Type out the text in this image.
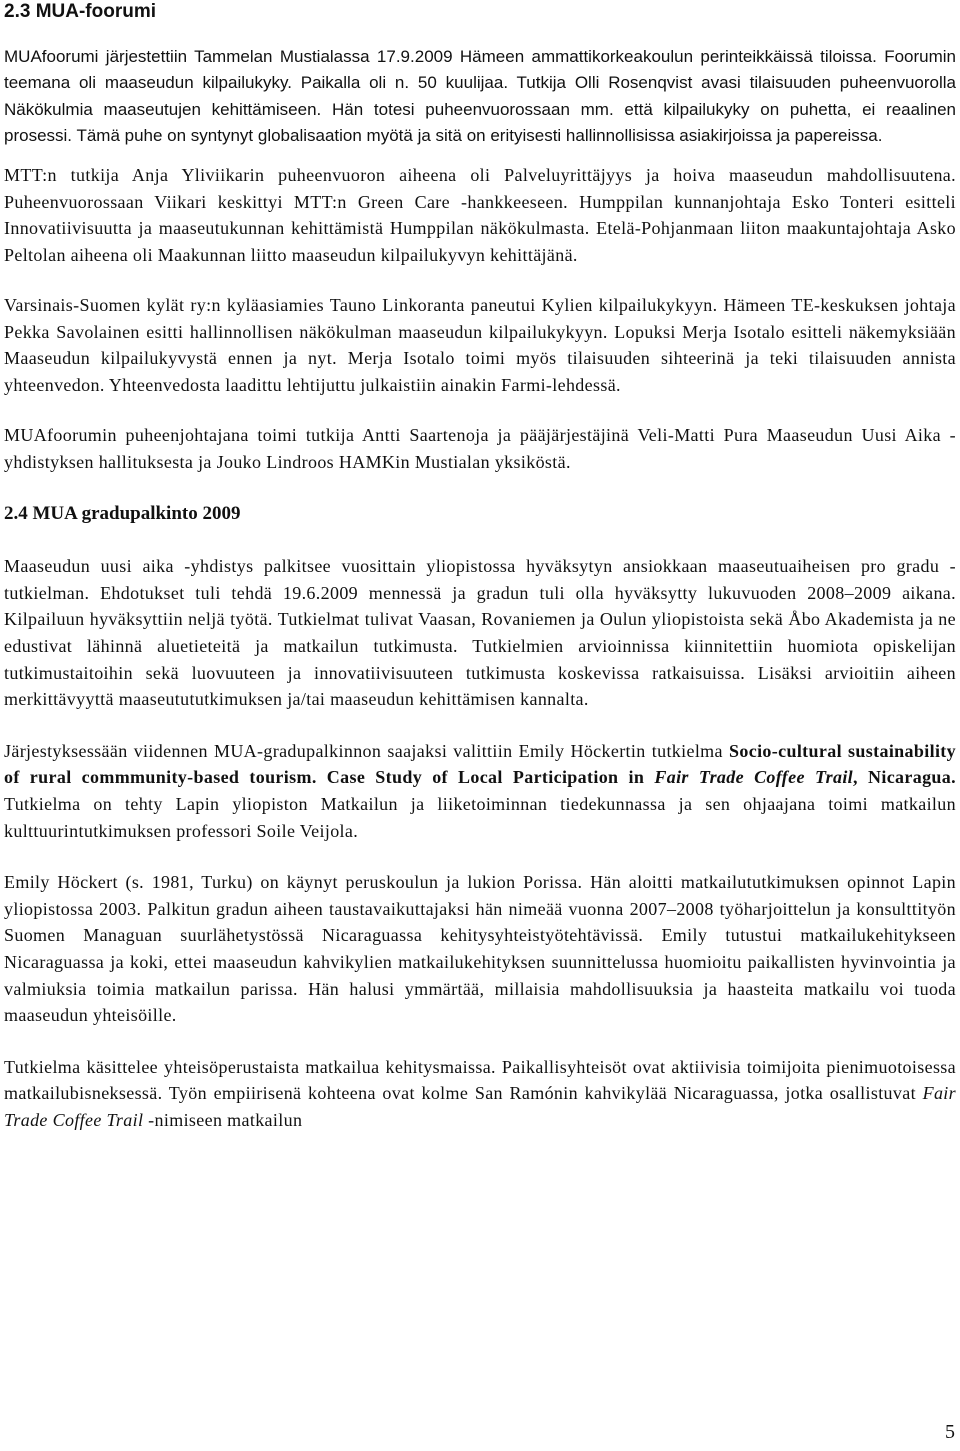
2.3 MUA-foorumi

MUAfoorumi järjestettiin Tammelan Mustialassa 17.9.2009 Hämeen ammattikorkeakoulun perinteikkäissä tiloissa. Foorumin teemana oli maaseudun kilpailukyky. Paikalla oli n. 50 kuulijaa. Tutkija Olli Rosenqvist avasi tilaisuuden puheenvuorolla Näkökulmia maaseutujen kehittämiseen. Hän totesi puheenvuorossaan mm. että kilpailukyky on puhetta, ei reaalinen prosessi. Tämä puhe on syntynyt globalisaation myötä ja sitä on erityisesti hallinnollisissa asiakirjoissa ja papereissa.

MTT:n tutkija Anja Yliviikarin puheenvuoron aiheena oli Palveluyrittäjyys ja hoiva maaseudun mahdollisuutena. Puheenvuorossaan Viikari keskittyi MTT:n Green Care -hankkeeseen. Humppilan kunnanjohtaja Esko Tonteri esitteli Innovatiivisuutta ja maaseutukunnan kehittämistä Humppilan näkökulmasta. Etelä-Pohjanmaan liiton maakuntajohtaja Asko Peltolan aiheena oli Maakunnan liitto maaseudun kilpailukyvyn kehittäjänä.

Varsinais-Suomen kylät ry:n kyläasiamies Tauno Linkoranta paneutui Kylien kilpailukykyyn. Hämeen TE-keskuksen johtaja Pekka Savolainen esitti hallinnollisen näkökulman maaseudun kilpailukykyyn. Lopuksi Merja Isotalo esitteli näkemyksiään Maaseudun kilpailukyvystä ennen ja nyt. Merja Isotalo toimi myös tilaisuuden sihteerinä ja teki tilaisuuden annista yhteenvedon. Yhteenvedosta laadittu lehtijuttu julkaistiin ainakin Farmi-lehdessä.

MUAfoorumin puheenjohtajana toimi tutkija Antti Saartenoja ja pääjärjestäjinä Veli-Matti Pura Maaseudun Uusi Aika -yhdistyksen hallituksesta ja Jouko Lindroos HAMKin Mustialan yksiköstä.

2.4 MUA gradupalkinto 2009

Maaseudun uusi aika -yhdistys palkitsee vuosittain yliopistossa hyväksytyn ansiokkaan maaseutuaiheisen pro gradu -tutkielman. Ehdotukset tuli tehdä 19.6.2009 mennessä ja gradun tuli olla hyväksytty lukuvuoden 2008–2009 aikana. Kilpailuun hyväksyttiin neljä työtä. Tutkielmat tulivat Vaasan, Rovaniemen ja Oulun yliopistoista sekä Åbo Akademista ja ne edustivat lähinnä aluetieteitä ja matkailun tutkimusta. Tutkielmien arvioinnissa kiinnitettiin huomiota opiskelijan tutkimustaitoihin sekä luovuuteen ja innovatiivisuuteen tutkimusta koskevissa ratkaisuissa. Lisäksi arvioitiin aiheen merkittävyyttä maaseutututkimuksen ja/tai maaseudun kehittämisen kannalta.

Järjestyksessään viidennen MUA-gradupalkinnon saajaksi valittiin Emily Höckertin tutkielma Socio-cultural sustainability of rural commmunity-based tourism. Case Study of Local Participation in Fair Trade Coffee Trail, Nicaragua. Tutkielma on tehty Lapin yliopiston Matkailun ja liiketoiminnan tiedekunnassa ja sen ohjaajana toimi matkailun kulttuurintutkimuksen professori Soile Veijola.

Emily Höckert (s. 1981, Turku) on käynyt peruskoulun ja lukion Porissa. Hän aloitti matkailututkimuksen opinnot Lapin yliopistossa 2003. Palkitun gradun aiheen taustavaikuttajaksi hän nimeää vuonna 2007–2008 työharjoittelun ja konsulttityön Suomen Managuan suurlähetystössä Nicaraguassa kehitysyhteistyötehtävissä. Emily tutustui matkailukehitykseen Nicaraguassa ja koki, ettei maaseudun kahvikylien matkailukehityksen suunnittelussa huomioitu paikallisten hyvinvointia ja valmiuksia toimia matkailun parissa. Hän halusi ymmärtää, millaisia mahdollisuuksia ja haasteita matkailu voi tuoda maaseudun yhteisöille.

Tutkielma käsittelee yhteisöperustaista matkailua kehitysmaissa. Paikallisyhteisöt ovat aktiivisia toimijoita pienimuotoisessa matkailubisneksessä. Työn empiirisenä kohteena ovat kolme San Ramónin kahvikylää Nicaraguassa, jotka osallistuvat Fair Trade Coffee Trail -nimiseen matkailun

5
